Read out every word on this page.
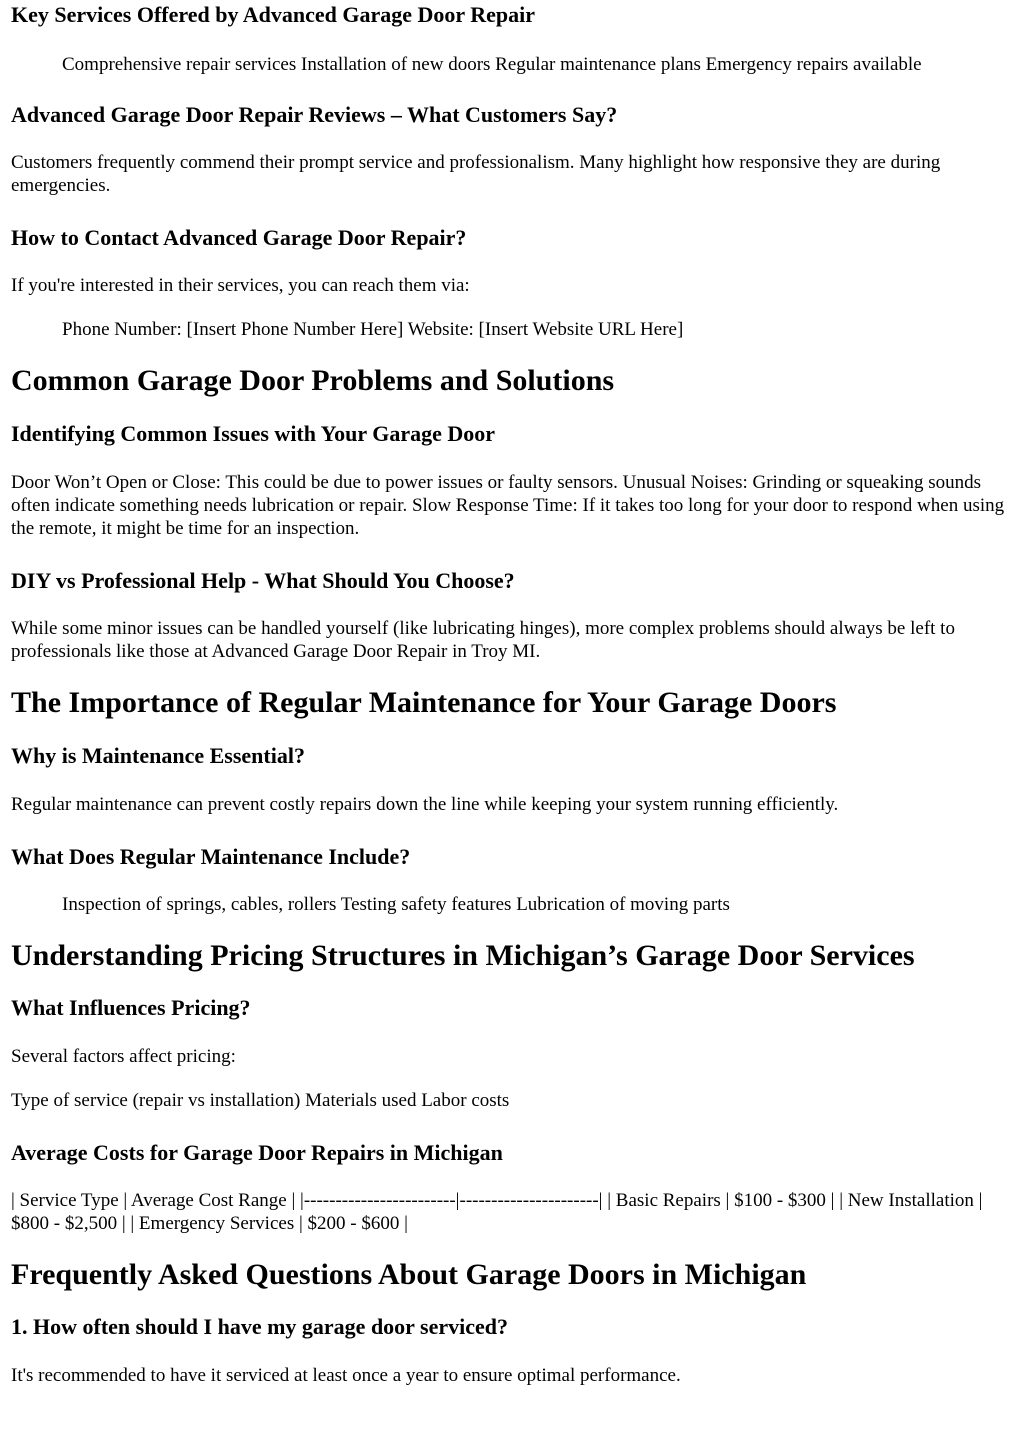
Key Services Offered by Advanced Garage Door Repair
Comprehensive repair services Installation of new doors Regular maintenance plans Emergency repairs available
Advanced Garage Door Repair Reviews – What Customers Say?

Customers frequently commend their prompt service and professionalism. Many highlight how responsive they are during emergencies.

How to Contact Advanced Garage Door Repair?

If you're interested in their services, you can reach them via:

Phone Number: [Insert Phone Number Here] Website: [Insert Website URL Here]
Common Garage Door Problems and Solutions
Identifying Common Issues with Your Garage Door

Door Won’t Open or Close: This could be due to power issues or faulty sensors. Unusual Noises: Grinding or squeaking sounds often indicate something needs lubrication or repair. Slow Response Time: If it takes too long for your door to respond when using the remote, it might be time for an inspection.

DIY vs Professional Help - What Should You Choose?

While some minor issues can be handled yourself (like lubricating hinges), more complex problems should always be left to professionals like those at Advanced Garage Door Repair in Troy MI.

The Importance of Regular Maintenance for Your Garage Doors
Why is Maintenance Essential?

Regular maintenance can prevent costly repairs down the line while keeping your system running efficiently.

What Does Regular Maintenance Include?
Inspection of springs, cables, rollers Testing safety features Lubrication of moving parts
Understanding Pricing Structures in Michigan’s Garage Door Services
What Influences Pricing?

Several factors affect pricing:

Type of service (repair vs installation) Materials used Labor costs

Average Costs for Garage Door Repairs in Michigan

| Service Type | Average Cost Range | |------------------------|----------------------| | Basic Repairs | $100 - $300 | | New Installation | $800 - $2,500 | | Emergency Services | $200 - $600 |

Frequently Asked Questions About Garage Doors in Michigan
1. How often should I have my garage door serviced?

It's recommended to have it serviced at least once a year to ensure optimal performance.
